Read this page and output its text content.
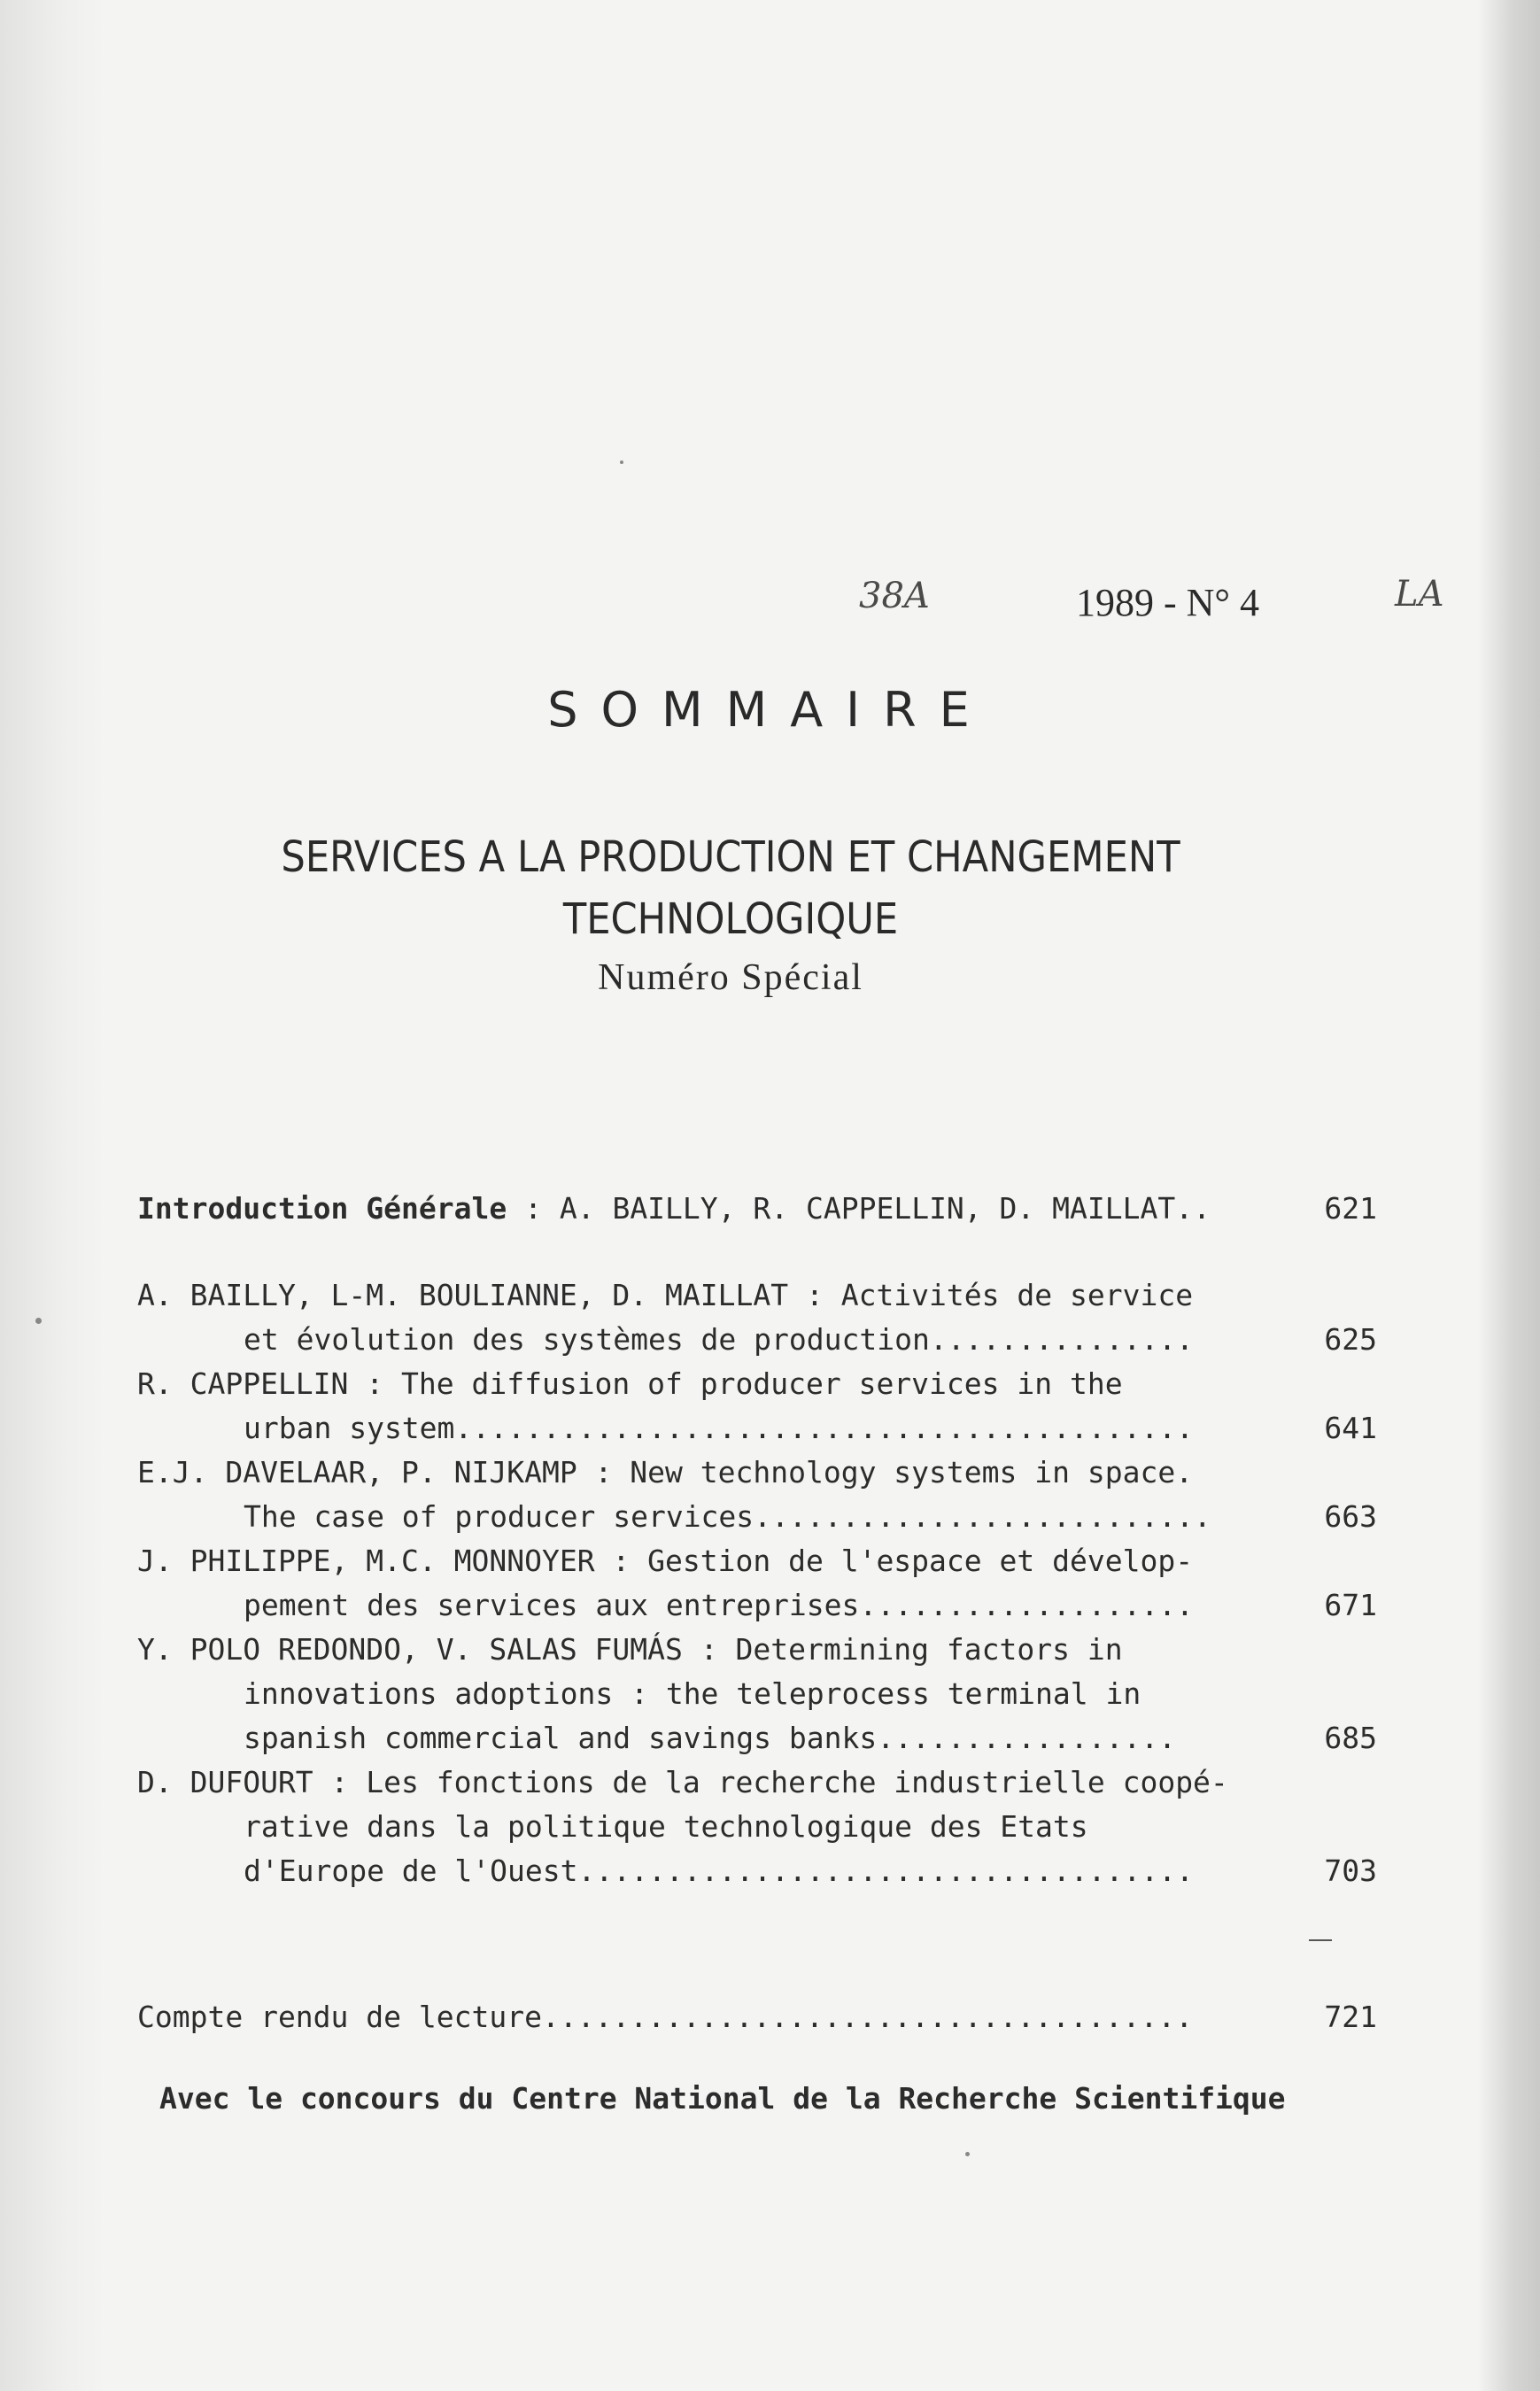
38A	1989 - N° 4	LA
SOMMAIRE
SERVICES A LA PRODUCTION ET CHANGEMENT
TECHNOLOGIQUE
Numéro Spécial
Introduction Générale : A. BAILLY, R. CAPPELLIN, D. MAILLAT..	621
A. BAILLY, L-M. BOULIANNE, D. MAILLAT : Activités de service
et évolution des systèmes de production...............	625
R. CAPPELLIN : The diffusion of producer services in the
urban system..........................................	641
E.J. DAVELAAR, P. NIJKAMP : New technology systems in space.
The case of producer services..........................	663
J. PHILIPPE, M.C. MONNOYER : Gestion de l'espace et dévelop-
pement des services aux entreprises...................	671
Y. POLO REDONDO, V. SALAS FUMÁS : Determining factors in
innovations adoptions : the teleprocess terminal in
spanish commercial and savings banks.................	685
D. DUFOURT : Les fonctions de la recherche industrielle coopé-
rative dans la politique technologique des Etats
d'Europe de l'Ouest...................................	703
Compte rendu de lecture.....................................	721
Avec le concours du Centre National de la Recherche Scientifique
